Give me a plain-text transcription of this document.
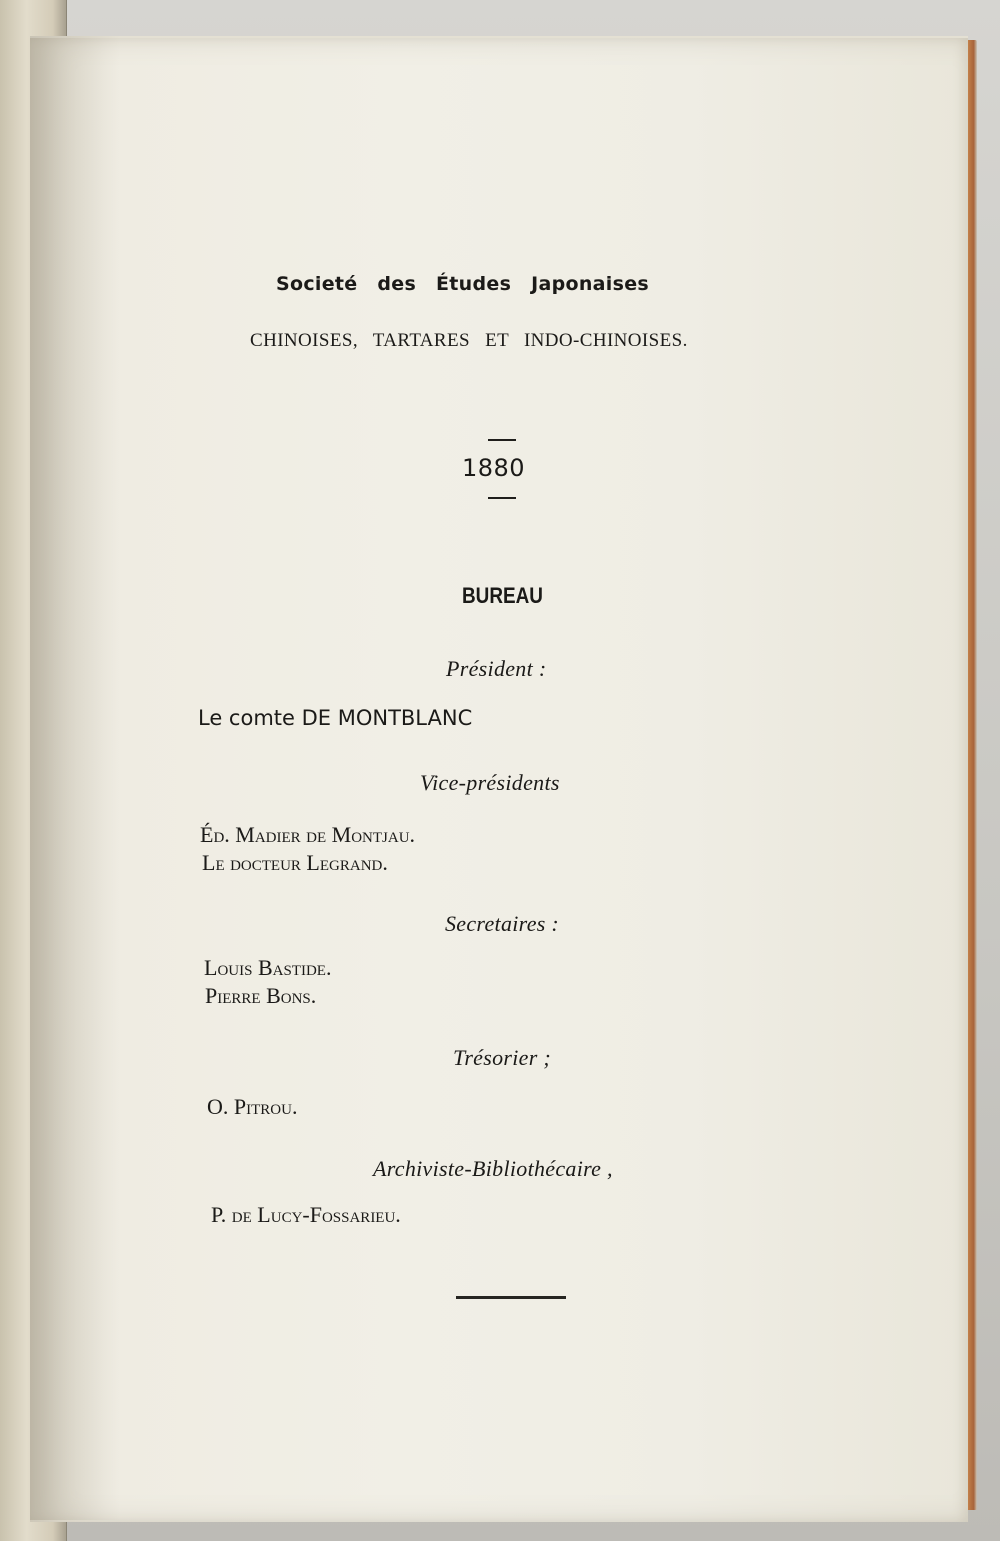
Societé des Études Japonaises

CHINOISES, TARTARES ET INDO-CHINOISES.

1880

BUREAU

Président :

Le comte DE MONTBLANC

Vice-présidents

Éd. Madier de Montjau.

Le docteur Legrand.

Secretaires :

Louis Bastide.

Pierre Bons.

Trésorier ;

O. Pitrou.

Archiviste-Bibliothécaire ,

P. de Lucy-Fossarieu.
